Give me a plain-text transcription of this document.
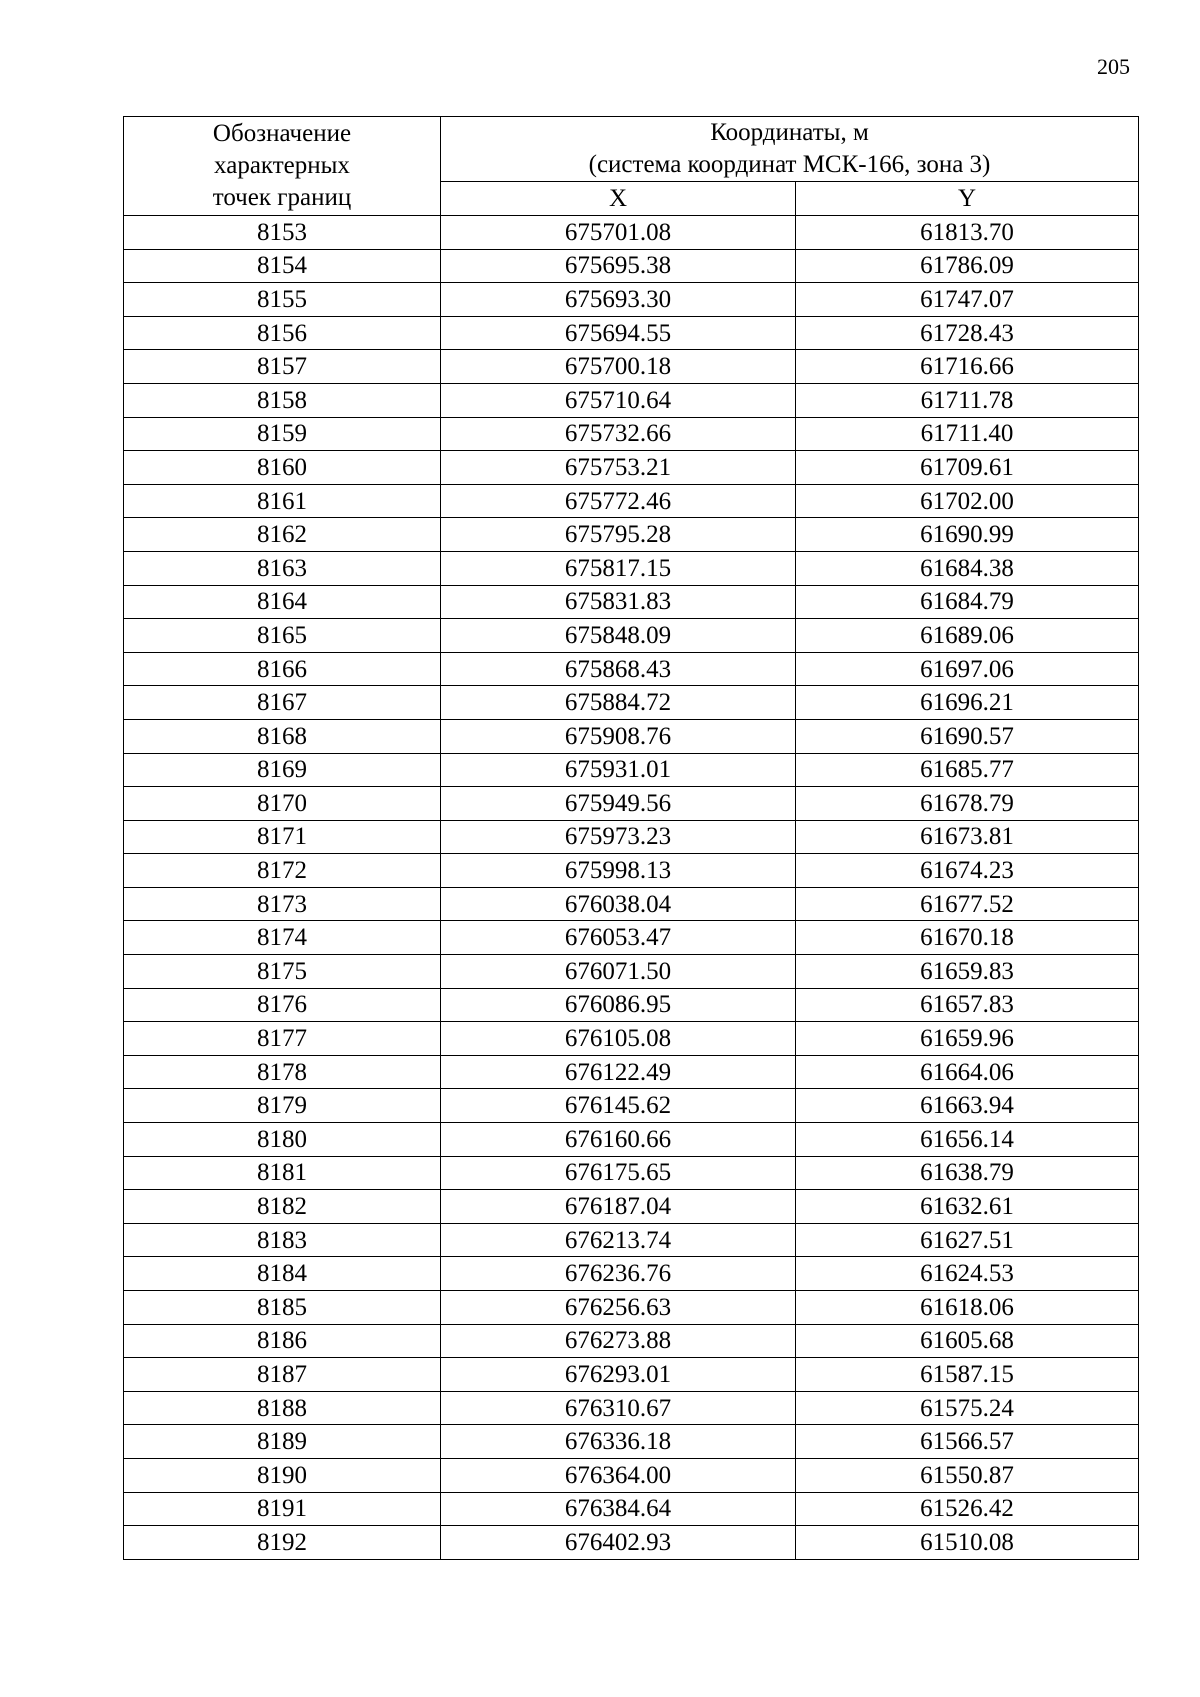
205
Обозначение
характерных
точек границ	Координаты, м
(система координат МСК-166, зона 3)	

	X	Y
8153	675701.08	61813.70
8154	675695.38	61786.09
8155	675693.30	61747.07
8156	675694.55	61728.43
8157	675700.18	61716.66
8158	675710.64	61711.78
8159	675732.66	61711.40
8160	675753.21	61709.61
8161	675772.46	61702.00
8162	675795.28	61690.99
8163	675817.15	61684.38
8164	675831.83	61684.79
8165	675848.09	61689.06
8166	675868.43	61697.06
8167	675884.72	61696.21
8168	675908.76	61690.57
8169	675931.01	61685.77
8170	675949.56	61678.79
8171	675973.23	61673.81
8172	675998.13	61674.23
8173	676038.04	61677.52
8174	676053.47	61670.18
8175	676071.50	61659.83
8176	676086.95	61657.83
8177	676105.08	61659.96
8178	676122.49	61664.06
8179	676145.62	61663.94
8180	676160.66	61656.14
8181	676175.65	61638.79
8182	676187.04	61632.61
8183	676213.74	61627.51
8184	676236.76	61624.53
8185	676256.63	61618.06
8186	676273.88	61605.68
8187	676293.01	61587.15
8188	676310.67	61575.24
8189	676336.18	61566.57
8190	676364.00	61550.87
8191	676384.64	61526.42
8192	676402.93	61510.08
